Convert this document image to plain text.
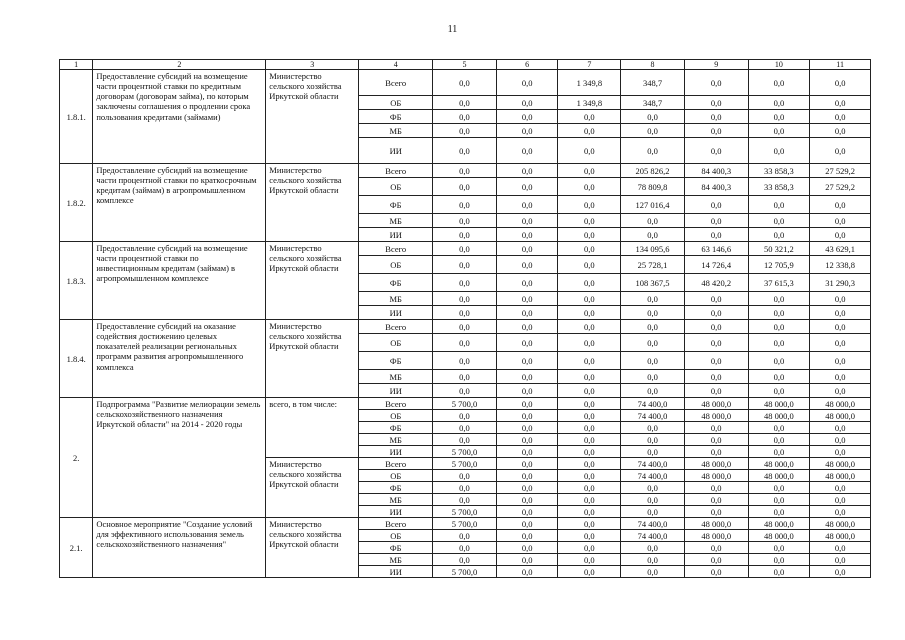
11
1	2	3	4	5	6	7	8	9	10	11
1.8.1.	Предоставление субсидий на возмещение части процентной ставки по кредитным договорам (договорам займа), по которым заключены соглашения о продлении срока пользования кредитами (займами)	Министерство сельского хозяйства Иркутской области	Всего	0,0	0,0	1 349,8	348,7	0,0	0,0	0,0
			ОБ	0,0	0,0	1 349,8	348,7	0,0	0,0	0,0
			ФБ	0,0	0,0	0,0	0,0	0,0	0,0	0,0
			МБ	0,0	0,0	0,0	0,0	0,0	0,0	0,0
			ИИ	0,0	0,0	0,0	0,0	0,0	0,0	0,0
1.8.2.	Предоставление субсидий на возмещение части процентной ставки по краткосрочным кредитам (займам) в агропромышленном комплексе	Министерство сельского хозяйства Иркутской области	Всего	0,0	0,0	0,0	205 826,2	84 400,3	33 858,3	27 529,2
			ОБ	0,0	0,0	0,0	78 809,8	84 400,3	33 858,3	27 529,2
			ФБ	0,0	0,0	0,0	127 016,4	0,0	0,0	0,0
			МБ	0,0	0,0	0,0	0,0	0,0	0,0	0,0
			ИИ	0,0	0,0	0,0	0,0	0,0	0,0	0,0
1.8.3.	Предоставление субсидий на возмещение части процентной ставки по инвестиционным кредитам (займам) в агропромышленном комплексе	Министерство сельского хозяйства Иркутской области	Всего	0,0	0,0	0,0	134 095,6	63 146,6	50 321,2	43 629,1
			ОБ	0,0	0,0	0,0	25 728,1	14 726,4	12 705,9	12 338,8
			ФБ	0,0	0,0	0,0	108 367,5	48 420,2	37 615,3	31 290,3
			МБ	0,0	0,0	0,0	0,0	0,0	0,0	0,0
			ИИ	0,0	0,0	0,0	0,0	0,0	0,0	0,0
1.8.4.	Предоставление субсидий на оказание содействия достижению целевых показателей реализации региональных программ развития агропромышленного комплекса	Министерство сельского хозяйства Иркутской области	Всего	0,0	0,0	0,0	0,0	0,0	0,0	0,0
			ОБ	0,0	0,0	0,0	0,0	0,0	0,0	0,0
			ФБ	0,0	0,0	0,0	0,0	0,0	0,0	0,0
			МБ	0,0	0,0	0,0	0,0	0,0	0,0	0,0
			ИИ	0,0	0,0	0,0	0,0	0,0	0,0	0,0
2.	Подпрограмма "Развитие мелиорации земель сельскохозяйственного назначения Иркутской области" на 2014 - 2020 годы	всего, в том числе:	Всего	5 700,0	0,0	0,0	74 400,0	48 000,0	48 000,0	48 000,0
			ОБ	0,0	0,0	0,0	74 400,0	48 000,0	48 000,0	48 000,0
			ФБ	0,0	0,0	0,0	0,0	0,0	0,0	0,0
			МБ	0,0	0,0	0,0	0,0	0,0	0,0	0,0
			ИИ	5 700,0	0,0	0,0	0,0	0,0	0,0	0,0
		Министерство сельского хозяйства Иркутской области	Всего	5 700,0	0,0	0,0	74 400,0	48 000,0	48 000,0	48 000,0
			ОБ	0,0	0,0	0,0	74 400,0	48 000,0	48 000,0	48 000,0
			ФБ	0,0	0,0	0,0	0,0	0,0	0,0	0,0
			МБ	0,0	0,0	0,0	0,0	0,0	0,0	0,0
			ИИ	5 700,0	0,0	0,0	0,0	0,0	0,0	0,0
2.1.	Основное мероприятие "Создание условий для эффективного использования земель сельскохозяйственного назначения"	Министерство сельского хозяйства Иркутской области	Всего	5 700,0	0,0	0,0	74 400,0	48 000,0	48 000,0	48 000,0
			ОБ	0,0	0,0	0,0	74 400,0	48 000,0	48 000,0	48 000,0
			ФБ	0,0	0,0	0,0	0,0	0,0	0,0	0,0
			МБ	0,0	0,0	0,0	0,0	0,0	0,0	0,0
			ИИ	5 700,0	0,0	0,0	0,0	0,0	0,0	0,0
